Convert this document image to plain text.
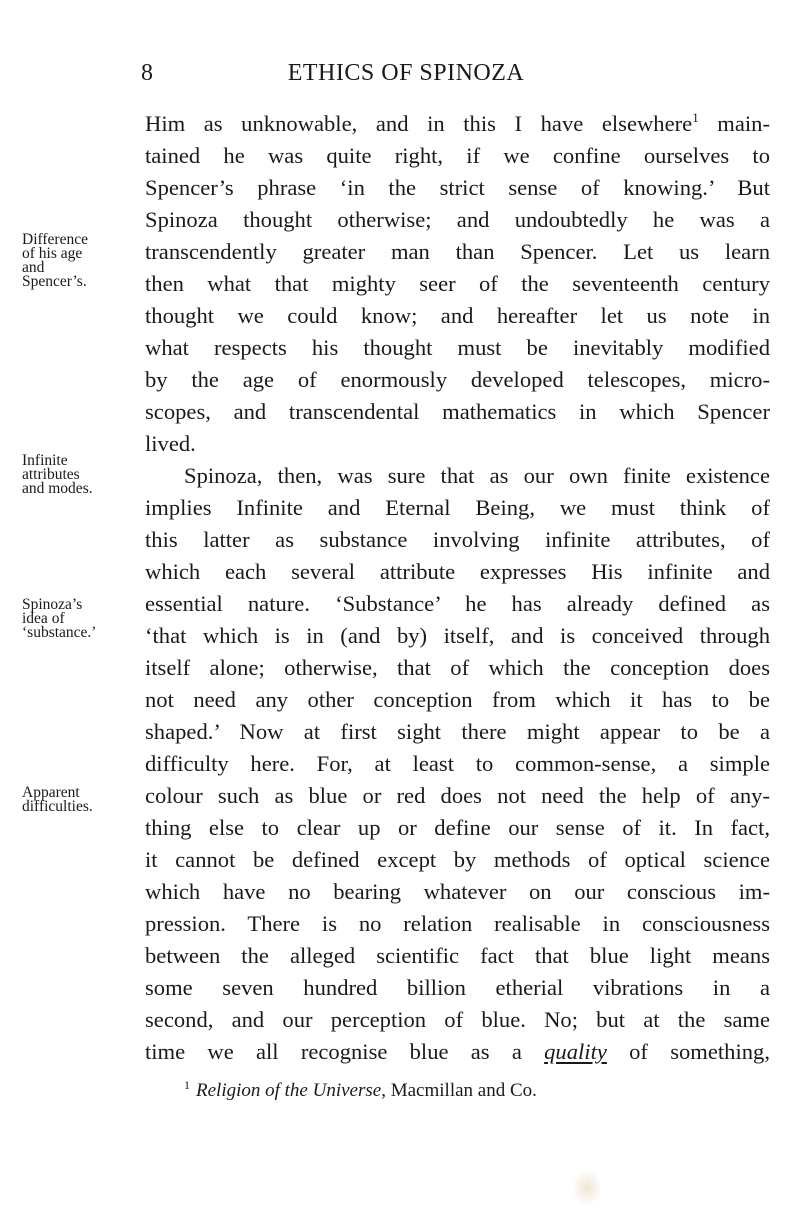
8	ETHICS OF SPINOZA
Difference
of his age
and
Spencer’s.
Infinite
attributes
and modes.
Spinoza’s
idea of
‘substance.’
Apparent
difficulties.
Him as unknowable, and in this I have elsewhere$^1$ main-
tained he was quite right, if we confine ourselves to
Spencer’s phrase ‘in the strict sense of knowing.’ But
Spinoza thought otherwise; and undoubtedly he was a
transcendently greater man than Spencer. Let us learn
then what that mighty seer of the seventeenth century
thought we could know; and hereafter let us note in
what respects his thought must be inevitably modified
by the age of enormously developed telescopes, micro-
scopes, and transcendental mathematics in which Spencer
lived.
Spinoza, then, was sure that as our own finite existence
implies Infinite and Eternal Being, we must think of
this latter as substance involving infinite attributes, of
which each several attribute expresses His infinite and
essential nature. ‘Substance’ he has already defined as
‘that which is in (and by) itself, and is conceived through
itself alone; otherwise, that of which the conception does
not need any other conception from which it has to be
shaped.’ Now at first sight there might appear to be a
difficulty here. For, at least to common-sense, a simple
colour such as blue or red does not need the help of any-
thing else to clear up or define our sense of it. In fact,
it cannot be defined except by methods of optical science
which have no bearing whatever on our conscious im-
pression. There is no relation realisable in consciousness
between the alleged scientific fact that blue light means
some seven hundred billion etherial vibrations in a
second, and our perception of blue. No; but at the same
time we all recognise blue as a quality of something,
$^1$ Religion of the Universe, Macmillan and Co.
